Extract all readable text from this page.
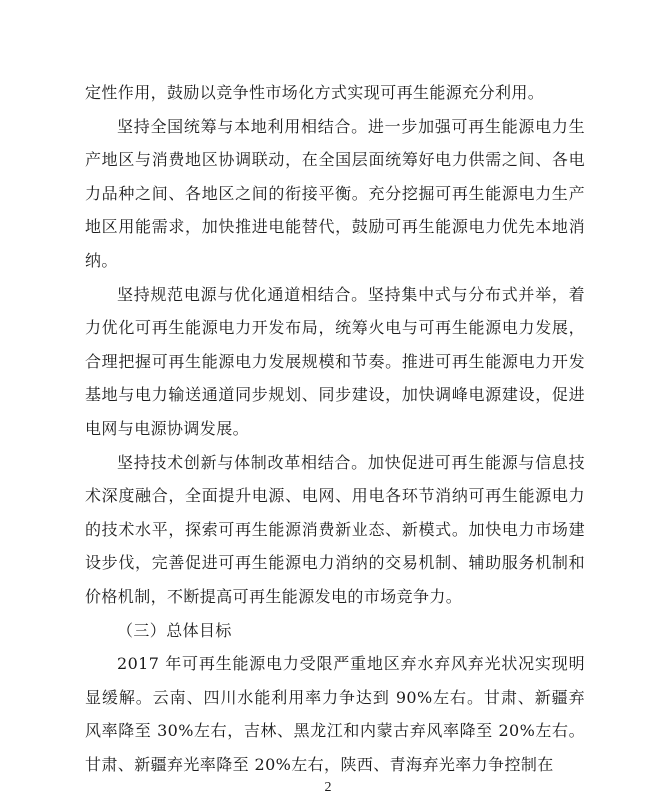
定性作用，鼓励以竞争性市场化方式实现可再生能源充分利用。

坚持全国统筹与本地利用相结合。进一步加强可再生能源电力生产地区与消费地区协调联动，在全国层面统筹好电力供需之间、各电力品种之间、各地区之间的衔接平衡。充分挖掘可再生能源电力生产地区用能需求，加快推进电能替代，鼓励可再生能源电力优先本地消纳。

坚持规范电源与优化通道相结合。坚持集中式与分布式并举，着力优化可再生能源电力开发布局，统筹火电与可再生能源电力发展，合理把握可再生能源电力发展规模和节奏。推进可再生能源电力开发基地与电力输送通道同步规划、同步建设，加快调峰电源建设，促进电网与电源协调发展。

坚持技术创新与体制改革相结合。加快促进可再生能源与信息技术深度融合，全面提升电源、电网、用电各环节消纳可再生能源电力的技术水平，探索可再生能源消费新业态、新模式。加快电力市场建设步伐，完善促进可再生能源电力消纳的交易机制、辅助服务机制和价格机制，不断提高可再生能源发电的市场竞争力。

（三）总体目标

2017 年可再生能源电力受限严重地区弃水弃风弃光状况实现明显缓解。云南、四川水能利用率力争达到 90%左右。甘肃、新疆弃风率降至 30%左右，吉林、黑龙江和内蒙古弃风率降至 20%左右。甘肃、新疆弃光率降至 20%左右，陕西、青海弃光率力争控制在

2
